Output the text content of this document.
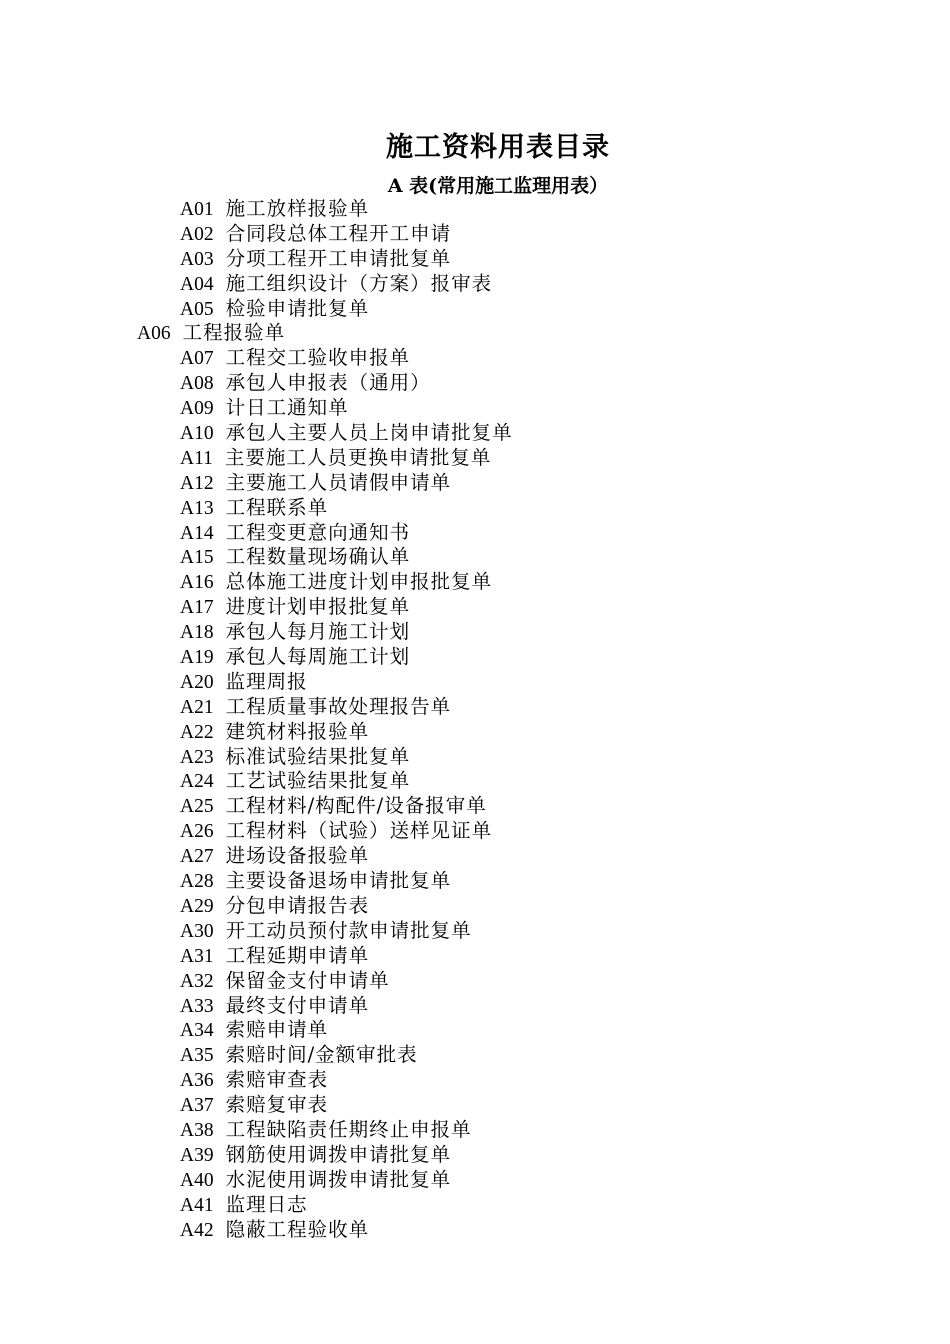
施工资料用表目录
A 表(常用施工监理用表）
A01 施工放样报验单
A02 合同段总体工程开工申请
A03 分项工程开工申请批复单
A04 施工组织设计（方案）报审表
A05 检验申请批复单
A06 工程报验单
A07 工程交工验收申报单
A08 承包人申报表（通用）
A09 计日工通知单
A10 承包人主要人员上岗申请批复单
A11 主要施工人员更换申请批复单
A12 主要施工人员请假申请单
A13 工程联系单
A14 工程变更意向通知书
A15 工程数量现场确认单
A16 总体施工进度计划申报批复单
A17 进度计划申报批复单
A18 承包人每月施工计划
A19 承包人每周施工计划
A20 监理周报
A21 工程质量事故处理报告单
A22 建筑材料报验单
A23 标准试验结果批复单
A24 工艺试验结果批复单
A25 工程材料/构配件/设备报审单
A26 工程材料（试验）送样见证单
A27 进场设备报验单
A28 主要设备退场申请批复单
A29 分包申请报告表
A30 开工动员预付款申请批复单
A31 工程延期申请单
A32 保留金支付申请单
A33 最终支付申请单
A34 索赔申请单
A35 索赔时间/金额审批表
A36 索赔审查表
A37 索赔复审表
A38 工程缺陷责任期终止申报单
A39 钢筋使用调拨申请批复单
A40 水泥使用调拨申请批复单
A41 监理日志
A42 隐蔽工程验收单
